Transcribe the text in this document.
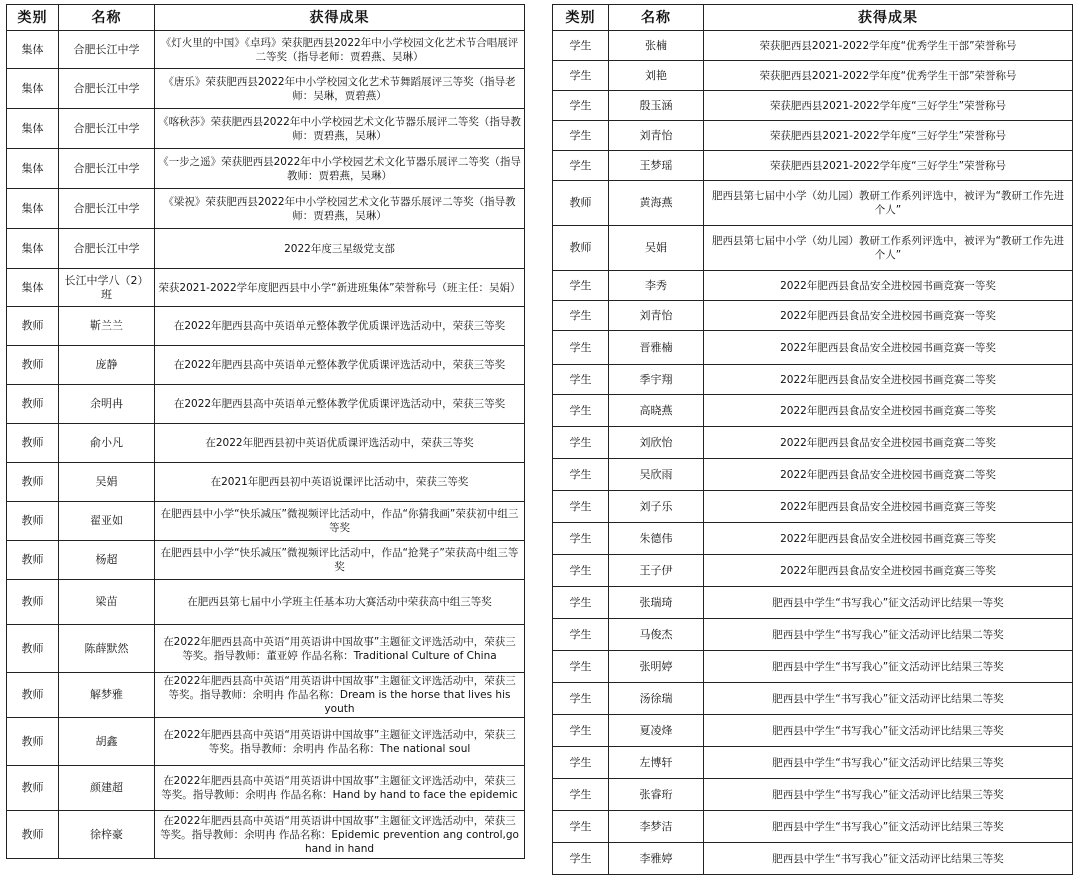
类别	名称	获得成果
集体	合肥长江中学	《灯火里的中国》《卓玛》荣获肥西县2022年中小学校园文化艺术节合唱展评二等奖（指导老师：贾碧燕、吴琳）
集体	合肥长江中学	《唐乐》荣获肥西县2022年中小学校园文化艺术节舞蹈展评三等奖（指导老师：吴琳，贾碧燕）
集体	合肥长江中学	《喀秋莎》荣获肥西县2022年中小学校园艺术文化节器乐展评二等奖（指导教师：贾碧燕，吴琳）
集体	合肥长江中学	《一步之遥》荣获肥西县2022年中小学校园艺术文化节器乐展评二等奖（指导教师：贾碧燕，吴琳）
集体	合肥长江中学	《梁祝》荣获肥西县2022年中小学校园艺术文化节器乐展评二等奖（指导教师：贾碧燕，吴琳）
集体	合肥长江中学	2022年度三星级党支部
集体	长江中学八（2）班	荣获2021-2022学年度肥西县中小学“新进班集体”荣誉称号（班主任：吴娟）
教师	靳兰兰	在2022年肥西县高中英语单元整体教学优质课评选活动中，荣获三等奖
教师	庞静	在2022年肥西县高中英语单元整体教学优质课评选活动中，荣获三等奖
教师	余明冉	在2022年肥西县高中英语单元整体教学优质课评选活动中，荣获三等奖
教师	俞小凡	在2022年肥西县初中英语优质课评选活动中，荣获三等奖
教师	吴娟	在2021年肥西县初中英语说课评比活动中，荣获三等奖
教师	翟亚如	在肥西县中小学“快乐减压”微视频评比活动中，作品“你猜我画”荣获初中组三等奖
教师	杨超	在肥西县中小学“快乐减压”微视频评比活动中，作品“抢凳子”荣获高中组三等奖
教师	梁苗	在肥西县第七届中小学班主任基本功大赛活动中荣获高中组三等奖
教师	陈薛默然	在2022年肥西县高中英语“用英语讲中国故事”主题征文评选活动中，荣获三等奖。指导教师：董亚婷 作品名称：Traditional Culture of China
教师	解梦雅	在2022年肥西县高中英语“用英语讲中国故事”主题征文评选活动中，荣获三等奖。指导教师：余明冉 作品名称：Dream is the horse that lives his youth
教师	胡鑫	在2022年肥西县高中英语“用英语讲中国故事”主题征文评选活动中，荣获三等奖。指导教师：余明冉 作品名称：The national soul
教师	颜建超	在2022年肥西县高中英语“用英语讲中国故事”主题征文评选活动中，荣获三等奖。指导教师：余明冉 作品名称：Hand by hand to face the epidemic
教师	徐梓豪	在2022年肥西县高中英语“用英语讲中国故事”主题征文评选活动中，荣获三等奖。指导教师：余明冉 作品名称：Epidemic prevention ang control,go hand in hand
类别	名称	获得成果
学生	张楠	荣获肥西县2021-2022学年度“优秀学生干部”荣誉称号
学生	刘艳	荣获肥西县2021-2022学年度“优秀学生干部”荣誉称号
学生	殷玉涵	荣获肥西县2021-2022学年度“三好学生”荣誉称号
学生	刘青怡	荣获肥西县2021-2022学年度“三好学生”荣誉称号
学生	王梦瑶	荣获肥西县2021-2022学年度“三好学生”荣誉称号
教师	黄海燕	肥西县第七届中小学（幼儿园）教研工作系列评选中，被评为“教研工作先进个人”
教师	吴娟	肥西县第七届中小学（幼儿园）教研工作系列评选中，被评为“教研工作先进个人”
学生	李秀	2022年肥西县食品安全进校园书画竞赛一等奖
学生	刘青怡	2022年肥西县食品安全进校园书画竞赛一等奖
学生	晋雅楠	2022年肥西县食品安全进校园书画竞赛一等奖
学生	季宇翔	2022年肥西县食品安全进校园书画竞赛二等奖
学生	高晓燕	2022年肥西县食品安全进校园书画竞赛二等奖
学生	刘欣怡	2022年肥西县食品安全进校园书画竞赛二等奖
学生	吴欣雨	2022年肥西县食品安全进校园书画竞赛二等奖
学生	刘子乐	2022年肥西县食品安全进校园书画竞赛三等奖
学生	朱德伟	2022年肥西县食品安全进校园书画竞赛三等奖
学生	王子伊	2022年肥西县食品安全进校园书画竞赛三等奖
学生	张瑞琦	肥西县中学生“书写我心”征文活动评比结果一等奖
学生	马俊杰	肥西县中学生“书写我心”征文活动评比结果二等奖
学生	张明婷	肥西县中学生“书写我心”征文活动评比结果三等奖
学生	汤徐瑞	肥西县中学生“书写我心”征文活动评比结果二等奖
学生	夏凌烽	肥西县中学生“书写我心”征文活动评比结果三等奖
学生	左博轩	肥西县中学生“书写我心”征文活动评比结果三等奖
学生	张睿珩	肥西县中学生“书写我心”征文活动评比结果三等奖
学生	李梦洁	肥西县中学生“书写我心”征文活动评比结果三等奖
学生	李雅婷	肥西县中学生“书写我心”征文活动评比结果三等奖
